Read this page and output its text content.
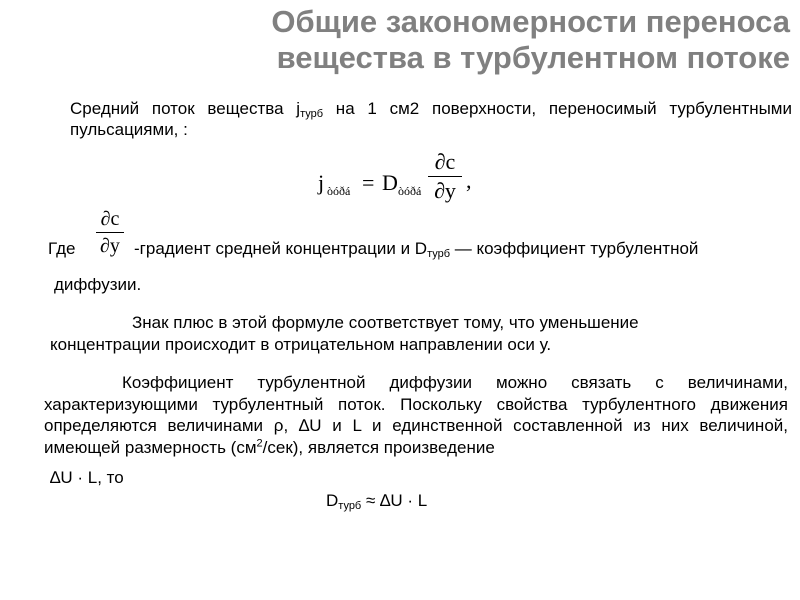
Общие закономерности переноса
вещества в турбулентном потоке
Средний поток вещества $j_{турб}$ на 1 см2 поверхности, переносимый турбулентными пульсациями, :
j òóðá = D òóðá
∂c
∂y ,
Где
∂c
∂y -градиент средней концентрации и $D_{турб}$ — коэффициент турбулентной
диффузии.
Знак плюс в этой формуле соответствует тому, что уменьшение
концентрации происходит в отрицательном направлении оси у.
Коэффициент турбулентной диффузии можно связать с величинами, характеризующими турбулентный поток. Поскольку свойства турбулентного движения определяются величинами ρ, ∆U и L и единственной составленной из них величиной, имеющей размерность $(см^2/сек)$, является произведение
∆U · L, то
$D_{турб} \approx \Delta U \cdot L$
